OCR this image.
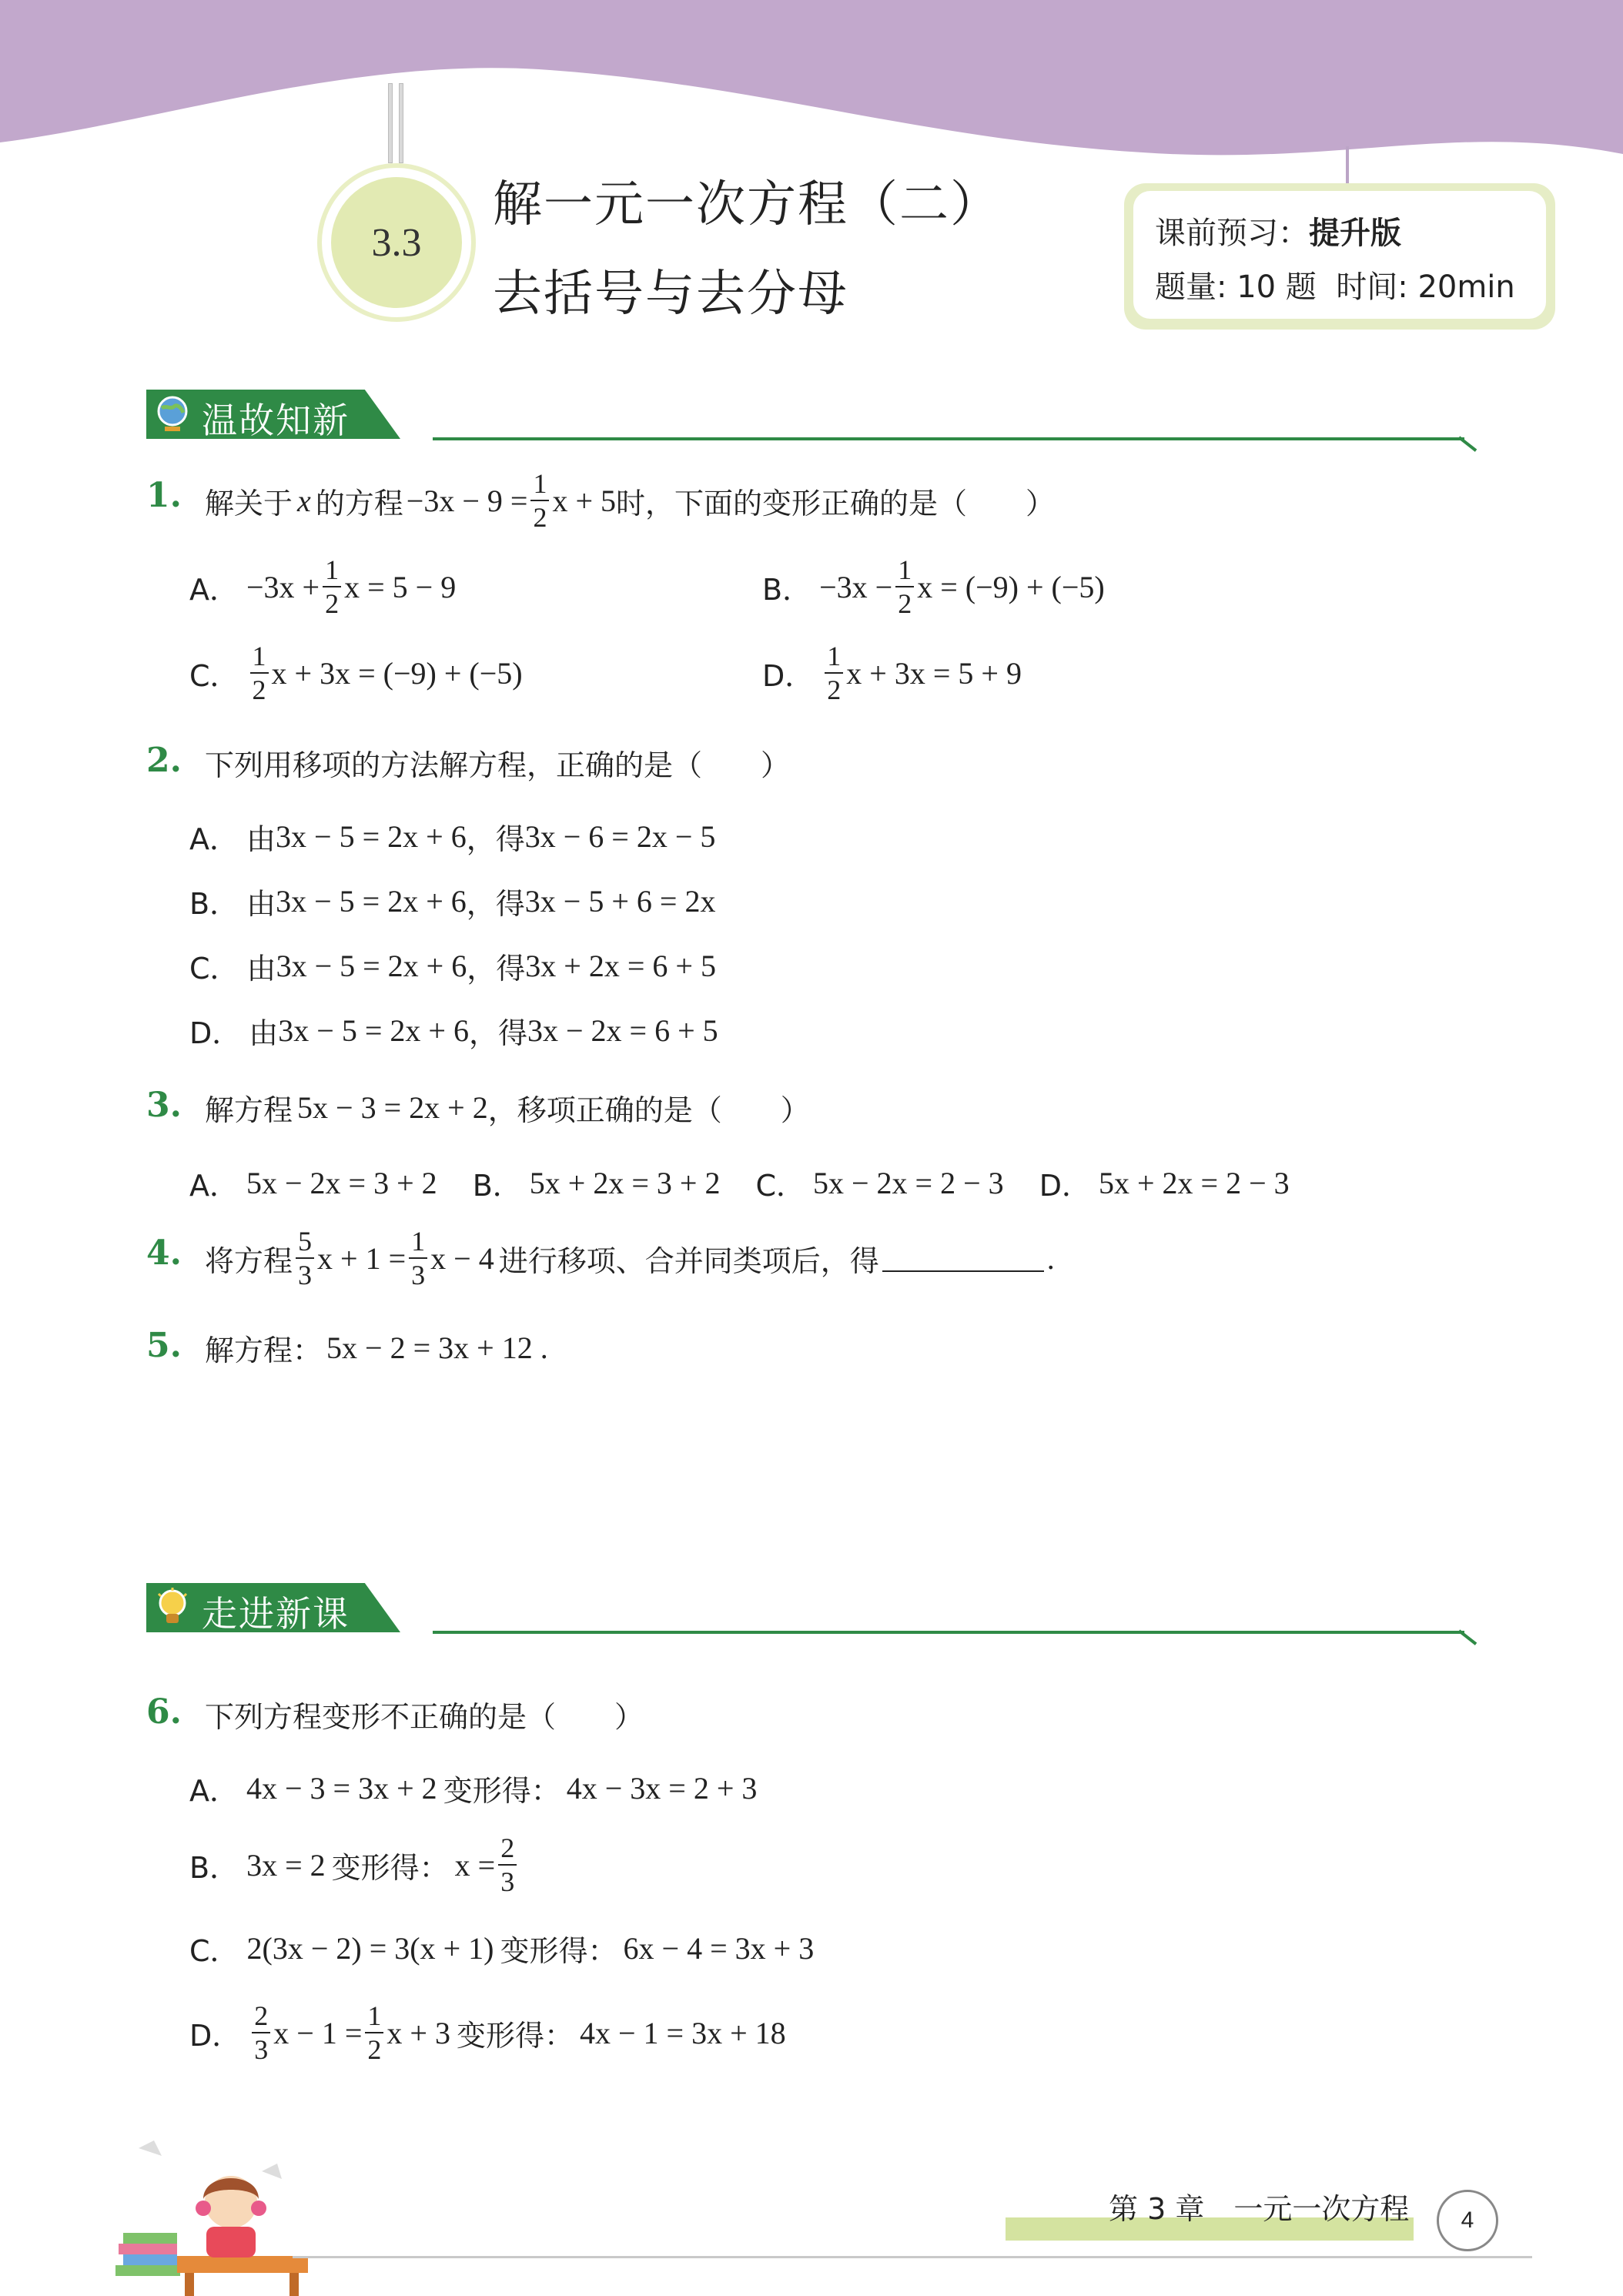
3.3
解一元一次方程（二）
去括号与去分母
课前预习：提升版
题量: 10 题 时间: 20min
温故知新
1. 解关于 x 的方程 $-3x - 9 = \frac{1}{2}$ x + 5 时，下面的变形正确的是（　　）
A． $-3x + \frac{1}{2}$ x = 5 − 9	B． $-3x - \frac{1}{2}$ x = (−9) + (−5)
C． $\frac{1}{2}$ x + 3x = (−9) + (−5)	D． $\frac{1}{2}$ x + 3x = 5 + 9
2. 下列用移项的方法解方程，正确的是（　　）
A． 由 3x − 5 = 2x + 6 ，得 3x − 6 = 2x − 5
B． 由 3x − 5 = 2x + 6 ，得 3x − 5 + 6 = 2x
C． 由 3x − 5 = 2x + 6 ，得 3x + 2x = 6 + 5
D． 由 3x − 5 = 2x + 6 ，得 3x − 2x = 6 + 5
3. 解方程 5x − 3 = 2x + 2 ，移项正确的是（　　）
A． 5x − 2x = 3 + 2 B． 5x + 2x = 3 + 2 C． 5x − 2x = 2 − 3 D． 5x + 2x = 2 − 3
4. 将方程 $\frac{5}{3}$ $x + 1 = \frac{1}{3}$ x − 4 进行移项、合并同类项后，得	.
5. 解方程： 5x − 2 = 3x + 12 .
走进新课
6. 下列方程变形不正确的是（　　）
A． 4x − 3 = 3x + 2 变形得： 4x − 3x = 2 + 3
B． 3x = 2 变形得： $x = \frac{2}{3}$
C． 2(3x − 2) = 3(x + 1) 变形得： 6x − 4 = 3x + 3
D． $\frac{2}{3}$ $x - 1 = \frac{1}{2}$ x + 3 变形得： 4x − 1 = 3x + 18
第 3 章　一元一次方程	4
